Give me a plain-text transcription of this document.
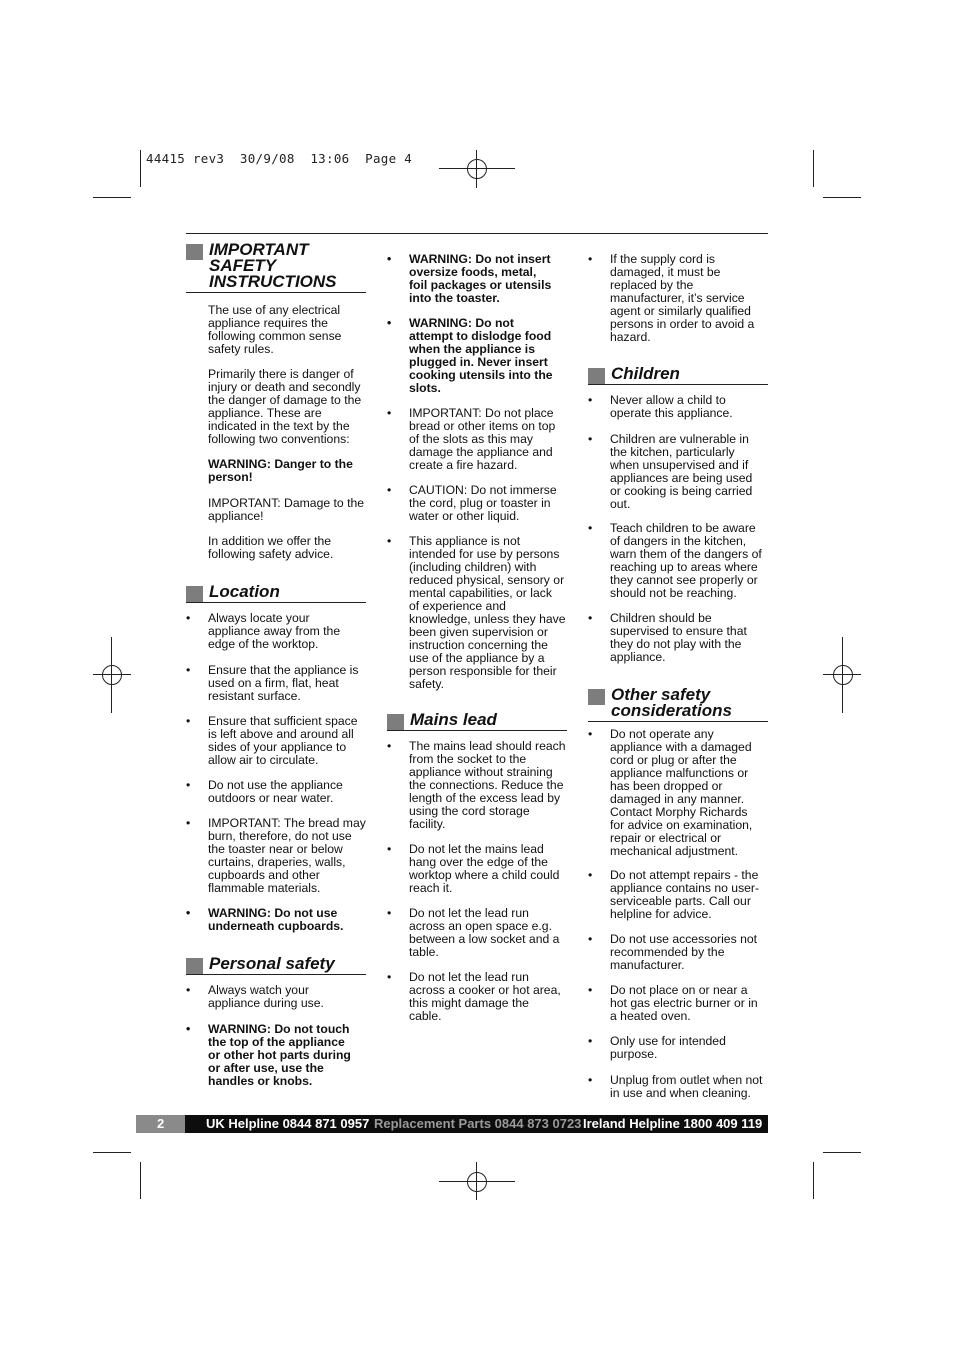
44415 rev3  30/9/08  13:06  Page 4
IMPORTANT
SAFETY
INSTRUCTIONS
The use of any electrical
appliance requires the
following common sense
safety rules.
Primarily there is danger of
injury or death and secondly
the danger of damage to the
appliance. These are
indicated in the text by the
following two conventions:
WARNING: Danger to the
person!
IMPORTANT: Damage to the
appliance!
In addition we offer the
following safety advice.
Location
•	Always locate your
appliance away from the
edge of the worktop.
•	Ensure that the appliance is
used on a firm, flat, heat
resistant surface.
•	Ensure that sufficient space
is left above and around all
sides of your appliance to
allow air to circulate.
•	Do not use the appliance
outdoors or near water.
•	IMPORTANT: The bread may
burn, therefore, do not use
the toaster near or below
curtains, draperies, walls,
cupboards and other
flammable materials.
•	WARNING: Do not use
underneath cupboards.
Personal safety
•	Always watch your
appliance during use.
•	WARNING: Do not touch
the top of the appliance
or other hot parts during
or after use, use the
handles or knobs.
•	WARNING: Do not insert
oversize foods, metal,
foil packages or utensils
into the toaster.
•	WARNING: Do not
attempt to dislodge food
when the appliance is
plugged in. Never insert
cooking utensils into the
slots.
•	IMPORTANT: Do not place
bread or other items on top
of the slots as this may
damage the appliance and
create a fire hazard.
•	CAUTION: Do not immerse
the cord, plug or toaster in
water or other liquid.
•	This appliance is not
intended for use by persons
(including children) with
reduced physical, sensory or
mental capabilities, or lack
of experience and
knowledge, unless they have
been given supervision or
instruction concerning the
use of the appliance by a
person responsible for their
safety.
Mains lead
•	The mains lead should reach
from the socket to the
appliance without straining
the connections. Reduce the
length of the excess lead by
using the cord storage
facility.
•	Do not let the mains lead
hang over the edge of the
worktop where a child could
reach it.
•	Do not let the lead run
across an open space e.g.
between a low socket and a
table.
•	Do not let the lead run
across a cooker or hot area,
this might damage the
cable.
•	If the supply cord is
damaged, it must be
replaced by the
manufacturer, it’s service
agent or similarly qualified
persons in order to avoid a
hazard.
Children
•	Never allow a child to
operate this appliance.
•	Children are vulnerable in
the kitchen, particularly
when unsupervised and if
appliances are being used
or cooking is being carried
out.
•	Teach children to be aware
of dangers in the kitchen,
warn them of the dangers of
reaching up to areas where
they cannot see properly or
should not be reaching.
•	Children should be
supervised to ensure that
they do not play with the
appliance.
Other safety
considerations
•	Do not operate any
appliance with a damaged
cord or plug or after the
appliance malfunctions or
has been dropped or
damaged in any manner.
Contact Morphy Richards
for advice on examination,
repair or electrical or
mechanical adjustment.
•	Do not attempt repairs - the
appliance contains no user-
serviceable parts. Call our
helpline for advice.
•	Do not use accessories not
recommended by the
manufacturer.
•	Do not place on or near a
hot gas electric burner or in
a heated oven.
•	Only use for intended
purpose.
•	Unplug from outlet when not
in use and when cleaning.
2	UK Helpline 0844 871 0957 Replacement Parts 0844 873 0723 Ireland Helpline 1800 409 119
